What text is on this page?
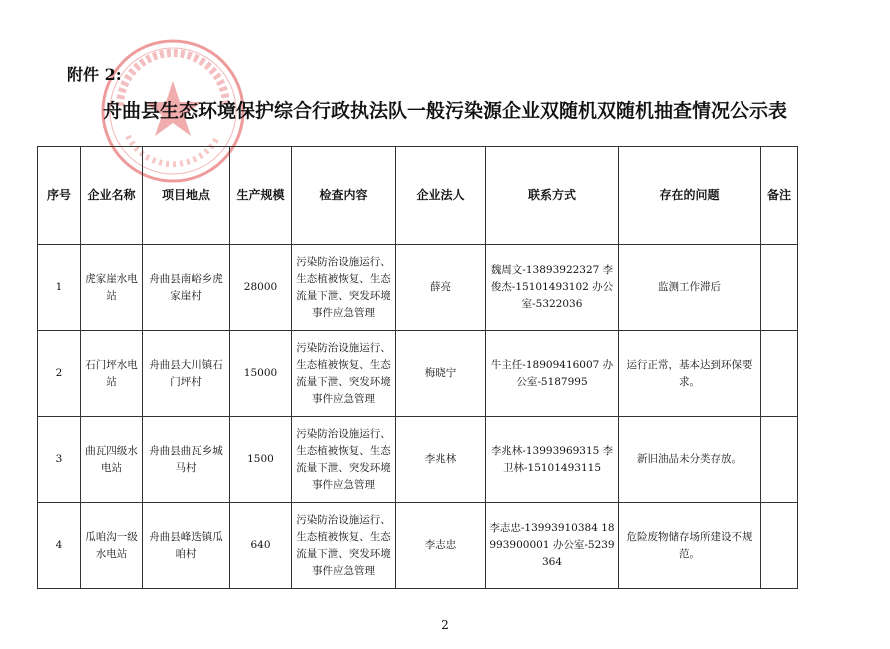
附件 2:
舟曲县生态环境保护综合行政执法队一般污染源企业双随机双随机抽查情况公示表
序号	企业名称	项目地点	生产规模	检查内容	企业法人	联系方式	存在的问题	备注
1	虎家崖水电站	舟曲县南峪乡虎家崖村	28000	污染防治设施运行、生态植被恢复、生态流量下泄、突发环境事件应急管理	薛亮	魏周文-13893922327 李俊杰-15101493102 办公室-5322036	监测工作滞后	
2	石门坪水电站	舟曲县大川镇石门坪村	15000	污染防治设施运行、生态植被恢复、生态流量下泄、突发环境事件应急管理	梅晓宁	牛主任-18909416007 办公室-5187995	运行正常，基本达到环保要求。	
3	曲瓦四级水电站	舟曲县曲瓦乡城马村	1500	污染防治设施运行、生态植被恢复、生态流量下泄、突发环境事件应急管理	李兆林	李兆林-13993969315 李卫林-15101493115	新旧油品未分类存放。	
4	瓜咱沟一级水电站	舟曲县峰迭镇瓜咱村	640	污染防治设施运行、生态植被恢复、生态流量下泄、突发环境事件应急管理	李志忠	李志忠-13993910384 18993900001 办公室-5239364	危险废物储存场所建设不规范。	
2
